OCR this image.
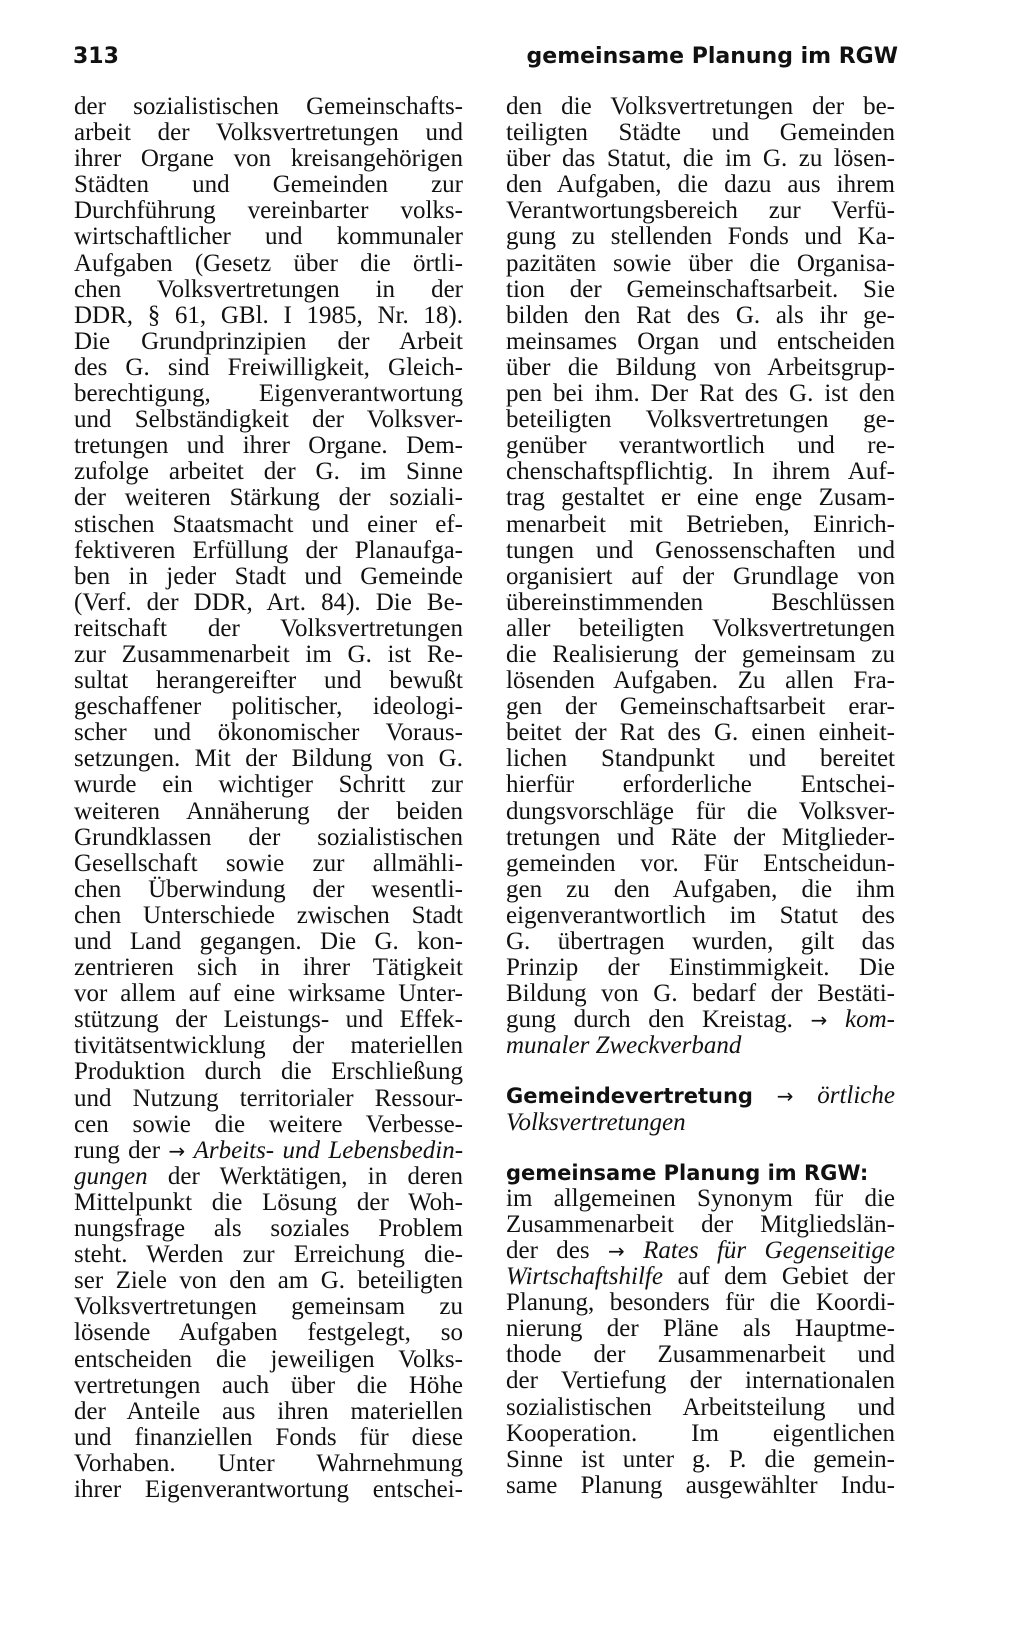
313	gemeinsame Planung im RGW
der sozialistischen Gemeinschafts-
arbeit der Volksvertretungen und
ihrer Organe von kreisangehörigen
Städten und Gemeinden zur
Durchführung vereinbarter volks-
wirtschaftlicher und kommunaler
Aufgaben (Gesetz über die örtli-
chen Volksvertretungen in der
DDR, § 61, GBl. I 1985, Nr. 18).
Die Grundprinzipien der Arbeit
des G. sind Freiwilligkeit, Gleich-
berechtigung, Eigenverantwortung
und Selbständigkeit der Volksver-
tretungen und ihrer Organe. Dem-
zufolge arbeitet der G. im Sinne
der weiteren Stärkung der soziali-
stischen Staatsmacht und einer ef-
fektiveren Erfüllung der Planaufga-
ben in jeder Stadt und Gemeinde
(Verf. der DDR, Art. 84). Die Be-
reitschaft der Volksvertretungen
zur Zusammenarbeit im G. ist Re-
sultat herangereifter und bewußt
geschaffener politischer, ideologi-
scher und ökonomischer Voraus-
setzungen. Mit der Bildung von G.
wurde ein wichtiger Schritt zur
weiteren Annäherung der beiden
Grundklassen der sozialistischen
Gesellschaft sowie zur allmähli-
chen Überwindung der wesentli-
chen Unterschiede zwischen Stadt
und Land gegangen. Die G. kon-
zentrieren sich in ihrer Tätigkeit
vor allem auf eine wirksame Unter-
stützung der Leistungs- und Effek-
tivitätsentwicklung der materiellen
Produktion durch die Erschließung
und Nutzung territorialer Ressour-
cen sowie die weitere Verbesse-
rung der → Arbeits- und Lebensbedin-
gungen der Werktätigen, in deren
Mittelpunkt die Lösung der Woh-
nungsfrage als soziales Problem
steht. Werden zur Erreichung die-
ser Ziele von den am G. beteiligten
Volksvertretungen gemeinsam zu
lösende Aufgaben festgelegt, so
entscheiden die jeweiligen Volks-
vertretungen auch über die Höhe
der Anteile aus ihren materiellen
und finanziellen Fonds für diese
Vorhaben. Unter Wahrnehmung
ihrer Eigenverantwortung entschei-
den die Volksvertretungen der be-
teiligten Städte und Gemeinden
über das Statut, die im G. zu lösen-
den Aufgaben, die dazu aus ihrem
Verantwortungsbereich zur Verfü-
gung zu stellenden Fonds und Ka-
pazitäten sowie über die Organisa-
tion der Gemeinschaftsarbeit. Sie
bilden den Rat des G. als ihr ge-
meinsames Organ und entscheiden
über die Bildung von Arbeitsgrup-
pen bei ihm. Der Rat des G. ist den
beteiligten Volksvertretungen ge-
genüber verantwortlich und re-
chenschaftspflichtig. In ihrem Auf-
trag gestaltet er eine enge Zusam-
menarbeit mit Betrieben, Einrich-
tungen und Genossenschaften und
organisiert auf der Grundlage von
übereinstimmenden Beschlüssen
aller beteiligten Volksvertretungen
die Realisierung der gemeinsam zu
lösenden Aufgaben. Zu allen Fra-
gen der Gemeinschaftsarbeit erar-
beitet der Rat des G. einen einheit-
lichen Standpunkt und bereitet
hierfür erforderliche Entschei-
dungsvorschläge für die Volksver-
tretungen und Räte der Mitglieder-
gemeinden vor. Für Entscheidun-
gen zu den Aufgaben, die ihm
eigenverantwortlich im Statut des
G. übertragen wurden, gilt das
Prinzip der Einstimmigkeit. Die
Bildung von G. bedarf der Bestäti-
gung durch den Kreistag. → kom-
munaler Zweckverband
Gemeindevertretung → örtliche
Volksvertretungen
gemeinsame Planung im RGW:
im allgemeinen Synonym für die
Zusammenarbeit der Mitgliedslän-
der des → Rates für Gegenseitige
Wirtschaftshilfe auf dem Gebiet der
Planung, besonders für die Koordi-
nierung der Pläne als Hauptme-
thode der Zusammenarbeit und
der Vertiefung der internationalen
sozialistischen Arbeitsteilung und
Kooperation. Im eigentlichen
Sinne ist unter g. P. die gemein-
same Planung ausgewählter Indu-
